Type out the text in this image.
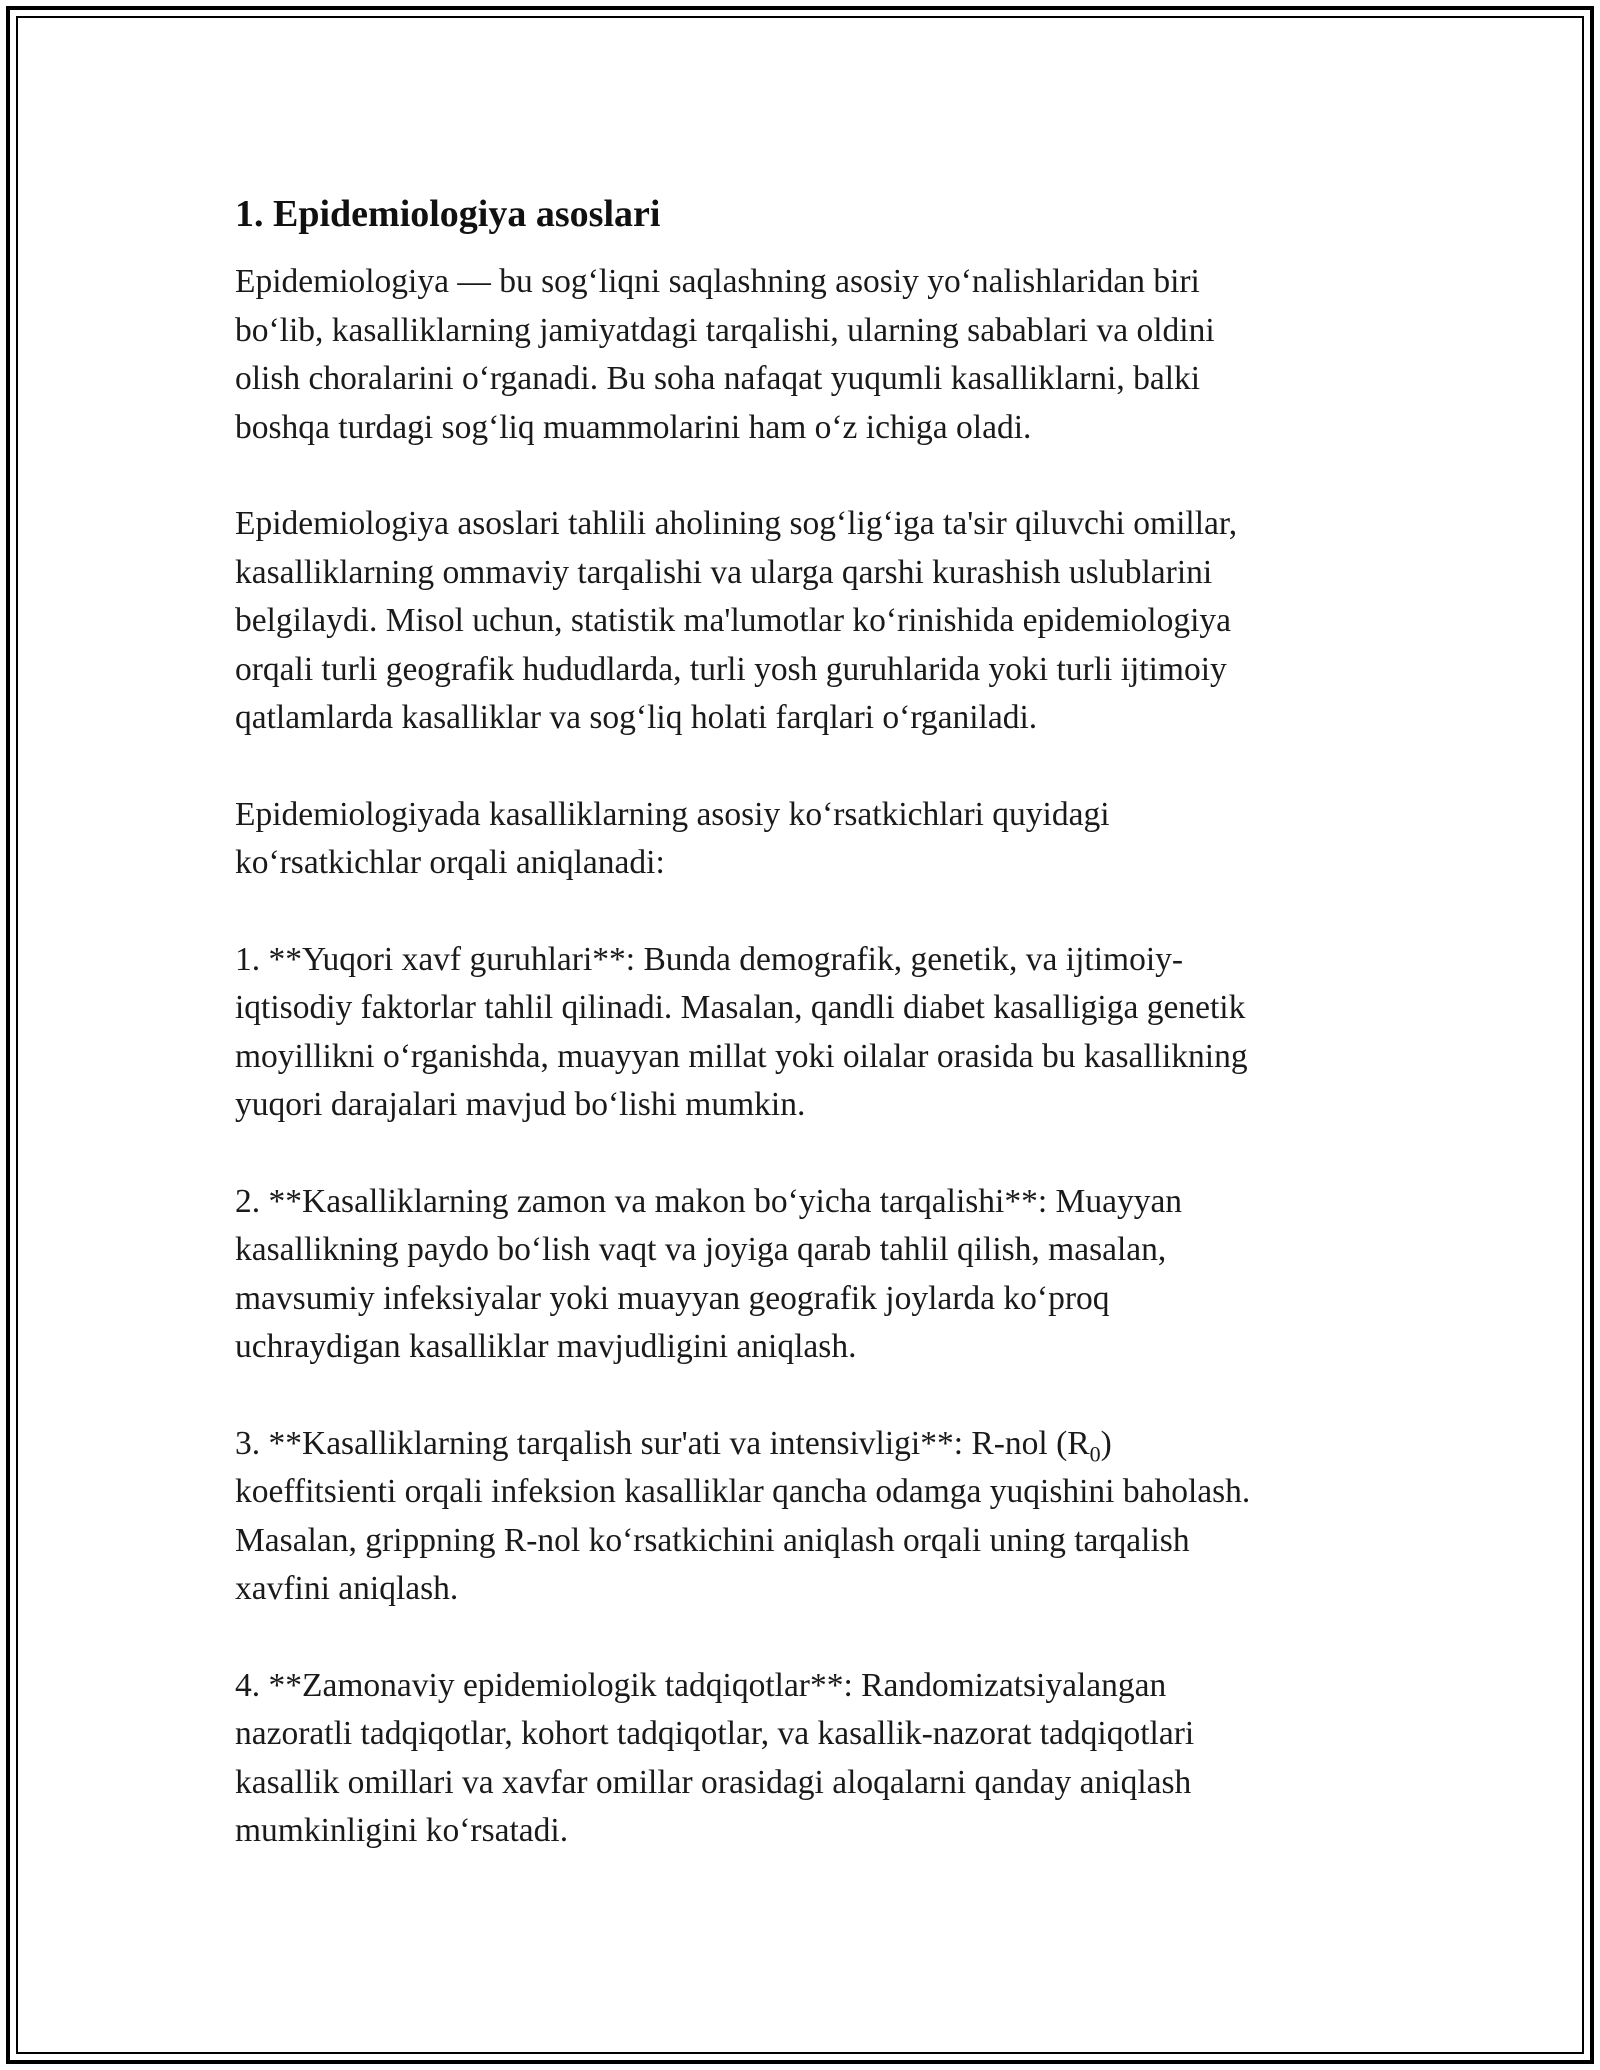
1. Epidemiologiya asoslari

Epidemiologiya — bu sog‘liqni saqlashning asosiy yo‘nalishlaridan biri
bo‘lib, kasalliklarning jamiyatdagi tarqalishi, ularning sabablari va oldini
olish choralarini o‘rganadi. Bu soha nafaqat yuqumli kasalliklarni, balki
boshqa turdagi sog‘liq muammolarini ham o‘z ichiga oladi.

Epidemiologiya asoslari tahlili aholining sog‘lig‘iga ta'sir qiluvchi omillar,
kasalliklarning ommaviy tarqalishi va ularga qarshi kurashish uslublarini
belgilaydi. Misol uchun, statistik ma'lumotlar ko‘rinishida epidemiologiya
orqali turli geografik hududlarda, turli yosh guruhlarida yoki turli ijtimoiy
qatlamlarda kasalliklar va sog‘liq holati farqlari o‘rganiladi.

Epidemiologiyada kasalliklarning asosiy ko‘rsatkichlari quyidagi
ko‘rsatkichlar orqali aniqlanadi:

1. **Yuqori xavf guruhlari**: Bunda demografik, genetik, va ijtimoiy-
iqtisodiy faktorlar tahlil qilinadi. Masalan, qandli diabet kasalligiga genetik
moyillikni o‘rganishda, muayyan millat yoki oilalar orasida bu kasallikning
yuqori darajalari mavjud bo‘lishi mumkin.

2. **Kasalliklarning zamon va makon bo‘yicha tarqalishi**: Muayyan
kasallikning paydo bo‘lish vaqt va joyiga qarab tahlil qilish, masalan,
mavsumiy infeksiyalar yoki muayyan geografik joylarda ko‘proq
uchraydigan kasalliklar mavjudligini aniqlash.

3. **Kasalliklarning tarqalish sur'ati va intensivligi**: R-nol $(R_0)$
koeffitsienti orqali infeksion kasalliklar qancha odamga yuqishini baholash.
Masalan, grippning R-nol ko‘rsatkichini aniqlash orqali uning tarqalish
xavfini aniqlash.

4. **Zamonaviy epidemiologik tadqiqotlar**: Randomizatsiyalangan
nazoratli tadqiqotlar, kohort tadqiqotlar, va kasallik-nazorat tadqiqotlari
kasallik omillari va xavfar omillar orasidagi aloqalarni qanday aniqlash
mumkinligini ko‘rsatadi.
